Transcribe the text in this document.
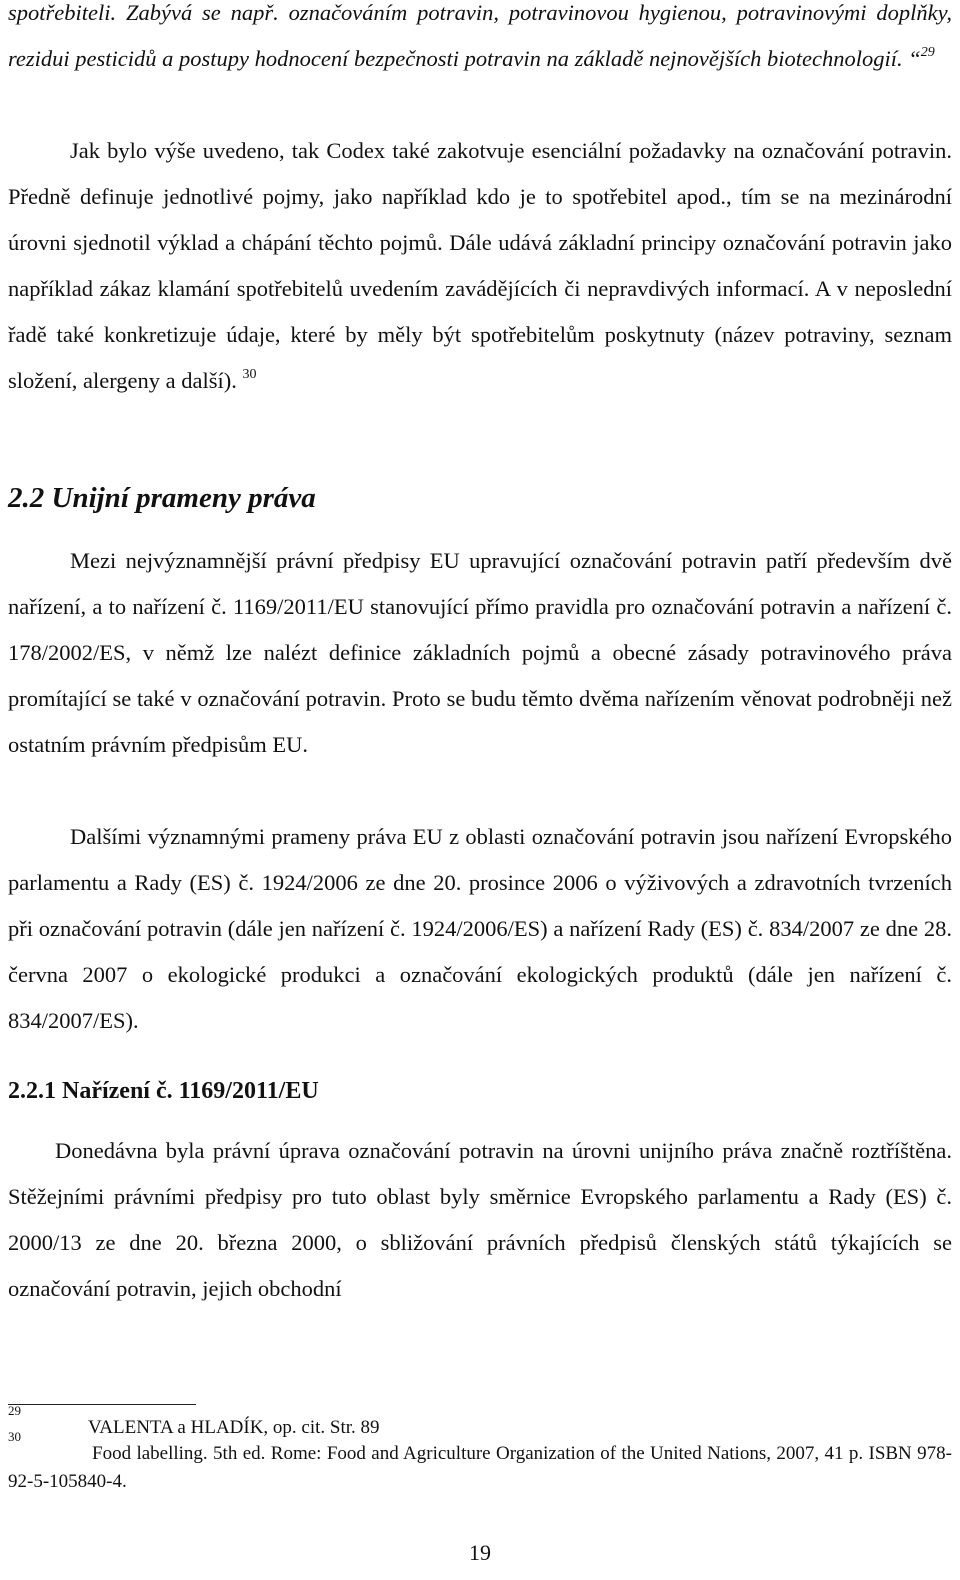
spotřebiteli. Zabývá se např. označováním potravin, potravinovou hygienou, potravinovými doplňky, rezidui pesticidů a postupy hodnocení bezpečnosti potravin na základě nejnovějších biotechnologií. “$^{29}$

Jak bylo výše uvedeno, tak Codex také zakotvuje esenciální požadavky na označování potravin. Předně definuje jednotlivé pojmy, jako například kdo je to spotřebitel apod., tím se na mezinárodní úrovni sjednotil výklad a chápání těchto pojmů. Dále udává základní principy označování potravin jako například zákaz klamání spotřebitelů uvedením zavádějících či nepravdivých informací. A v neposlední řadě také konkretizuje údaje, které by měly být spotřebitelům poskytnuty (název potraviny, seznam složení, alergeny a další). $^{30}$

2.2 Unijní prameny práva

Mezi nejvýznamnější právní předpisy EU upravující označování potravin patří především dvě nařízení, a to nařízení č. 1169/2011/EU stanovující přímo pravidla pro označování potravin a nařízení č. 178/2002/ES, v němž lze nalézt definice základních pojmů a obecné zásady potravinového práva promítající se také v označování potravin. Proto se budu těmto dvěma nařízením věnovat podrobněji než ostatním právním předpisům EU.

Dalšími významnými prameny práva EU z oblasti označování potravin jsou nařízení Evropského parlamentu a Rady (ES) č. 1924/2006 ze dne 20. prosince 2006 o výživových a zdravotních tvrzeních při označování potravin (dále jen nařízení č. 1924/2006/ES) a nařízení Rady (ES) č. 834/2007 ze dne 28. června 2007 o ekologické produkci a označování ekologických produktů (dále jen nařízení č. 834/2007/ES).

2.2.1 Nařízení č. 1169/2011/EU

Donedávna byla právní úprava označování potravin na úrovni unijního práva značně roztříštěna. Stěžejními právními předpisy pro tuto oblast byly směrnice Evropského parlamentu a Rady (ES) č. 2000/13 ze dne 20. března 2000, o sbližování právních předpisů členských států týkajících se označování potravin, jejich obchodní

29
VALENTA a HLADÍK, op. cit. Str. 89
30
Food labelling. 5th ed. Rome: Food and Agriculture Organization of the United Nations, 2007, 41 p. ISBN 978-92-5-105840-4.
19
